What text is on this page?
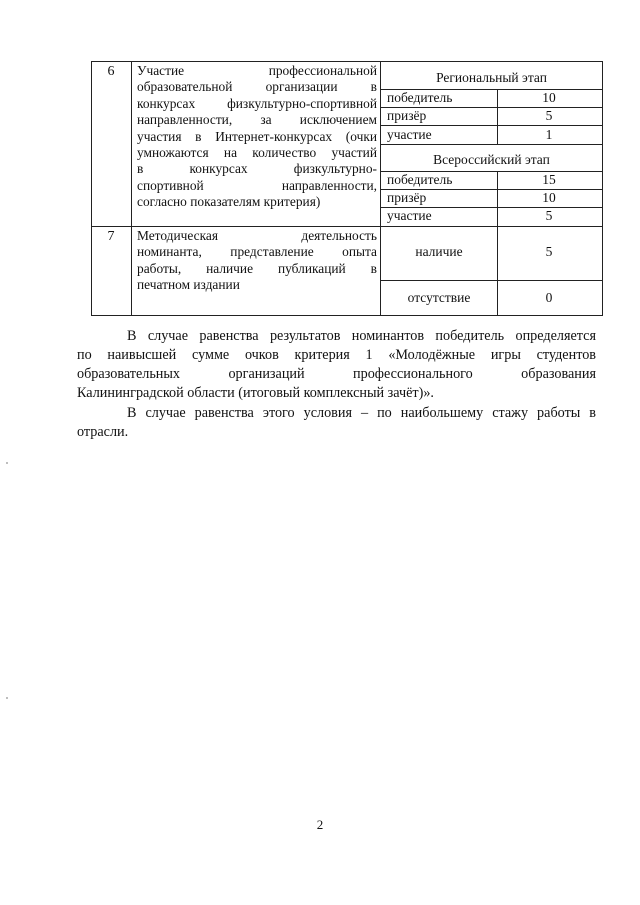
6	Участие профессиональной
образовательной организации в
конкурсах физкультурно-спортивной
направленности, за исключением
участия в Интернет-конкурсах (очки
умножаются на количество участий
в конкурсах физкультурно-
спортивной направленности,
согласно показателям критерия)
Региональный этап
победитель	10
призёр	5
участие	1
Всероссийский этап
победитель	15
призёр	10
участие	5
7	Методическая деятельность
номинанта, представление опыта
работы, наличие публикаций в
печатном издании
наличие	5
отсутствие	0
В случае равенства результатов номинантов победитель определяется
по наивысшей сумме очков критерия 1 «Молодёжные игры студентов
образовательных организаций профессионального образования
Калининградской области (итоговый комплексный зачёт)».
В случае равенства этого условия – по наибольшему стажу работы в
отрасли.
2
